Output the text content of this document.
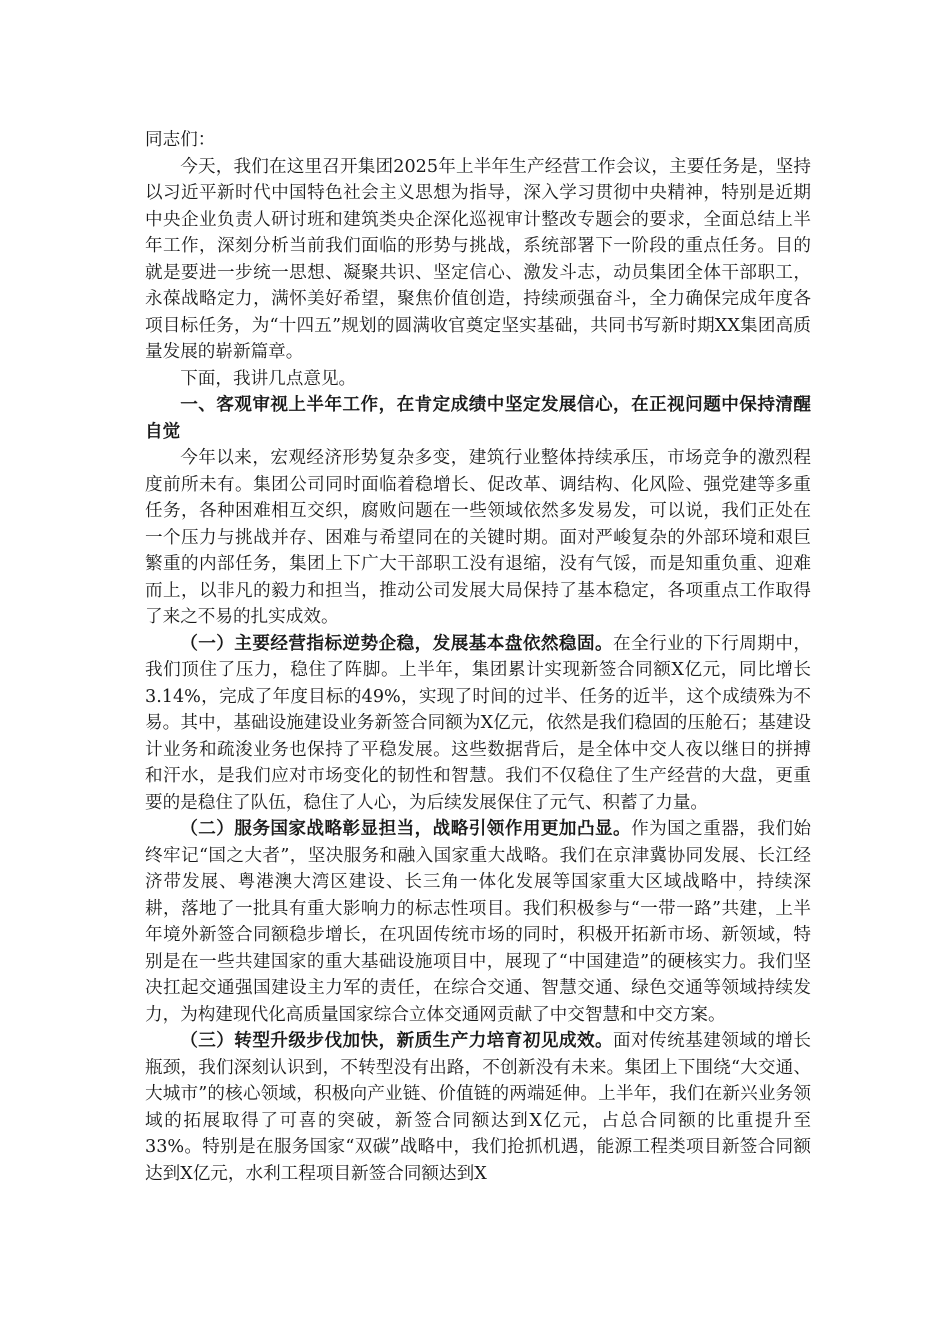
同志们：

今天，我们在这里召开集团2025年上半年生产经营工作会议，主要任务是，坚持以习近平新时代中国特色社会主义思想为指导，深入学习贯彻中央精神，特别是近期中央企业负责人研讨班和建筑类央企深化巡视审计整改专题会的要求，全面总结上半年工作，深刻分析当前我们面临的形势与挑战，系统部署下一阶段的重点任务。目的就是要进一步统一思想、凝聚共识、坚定信心、激发斗志，动员集团全体干部职工，永葆战略定力，满怀美好希望，聚焦价值创造，持续顽强奋斗，全力确保完成年度各项目标任务，为“十四五”规划的圆满收官奠定坚实基础，共同书写新时期XX集团高质量发展的崭新篇章。

下面，我讲几点意见。

一、客观审视上半年工作，在肯定成绩中坚定发展信心，在正视问题中保持清醒自觉

今年以来，宏观经济形势复杂多变，建筑行业整体持续承压，市场竞争的激烈程度前所未有。集团公司同时面临着稳增长、促改革、调结构、化风险、强党建等多重任务，各种困难相互交织，腐败问题在一些领域依然多发易发，可以说，我们正处在一个压力与挑战并存、困难与希望同在的关键时期。面对严峻复杂的外部环境和艰巨繁重的内部任务，集团上下广大干部职工没有退缩，没有气馁，而是知重负重、迎难而上，以非凡的毅力和担当，推动公司发展大局保持了基本稳定，各项重点工作取得了来之不易的扎实成效。

（一）主要经营指标逆势企稳，发展基本盘依然稳固。在全行业的下行周期中，我们顶住了压力，稳住了阵脚。上半年，集团累计实现新签合同额X亿元，同比增长3.14%，完成了年度目标的49%，实现了时间的过半、任务的近半，这个成绩殊为不易。其中，基础设施建设业务新签合同额为X亿元，依然是我们稳固的压舱石；基建设计业务和疏浚业务也保持了平稳发展。这些数据背后，是全体中交人夜以继日的拼搏和汗水，是我们应对市场变化的韧性和智慧。我们不仅稳住了生产经营的大盘，更重要的是稳住了队伍，稳住了人心，为后续发展保住了元气、积蓄了力量。

（二）服务国家战略彰显担当，战略引领作用更加凸显。作为国之重器，我们始终牢记“国之大者”，坚决服务和融入国家重大战略。我们在京津冀协同发展、长江经济带发展、粤港澳大湾区建设、长三角一体化发展等国家重大区域战略中，持续深耕，落地了一批具有重大影响力的标志性项目。我们积极参与“一带一路”共建，上半年境外新签合同额稳步增长，在巩固传统市场的同时，积极开拓新市场、新领域，特别是在一些共建国家的重大基础设施项目中，展现了“中国建造”的硬核实力。我们坚决扛起交通强国建设主力军的责任，在综合交通、智慧交通、绿色交通等领域持续发力，为构建现代化高质量国家综合立体交通网贡献了中交智慧和中交方案。

（三）转型升级步伐加快，新质生产力培育初见成效。面对传统基建领域的增长瓶颈，我们深刻认识到，不转型没有出路，不创新没有未来。集团上下围绕“大交通、大城市”的核心领域，积极向产业链、价值链的两端延伸。上半年，我们在新兴业务领域的拓展取得了可喜的突破，新签合同额达到X亿元，占总合同额的比重提升至33%。特别是在服务国家“双碳”战略中，我们抢抓机遇，能源工程类项目新签合同额达到X亿元，水利工程项目新签合同额达到X
